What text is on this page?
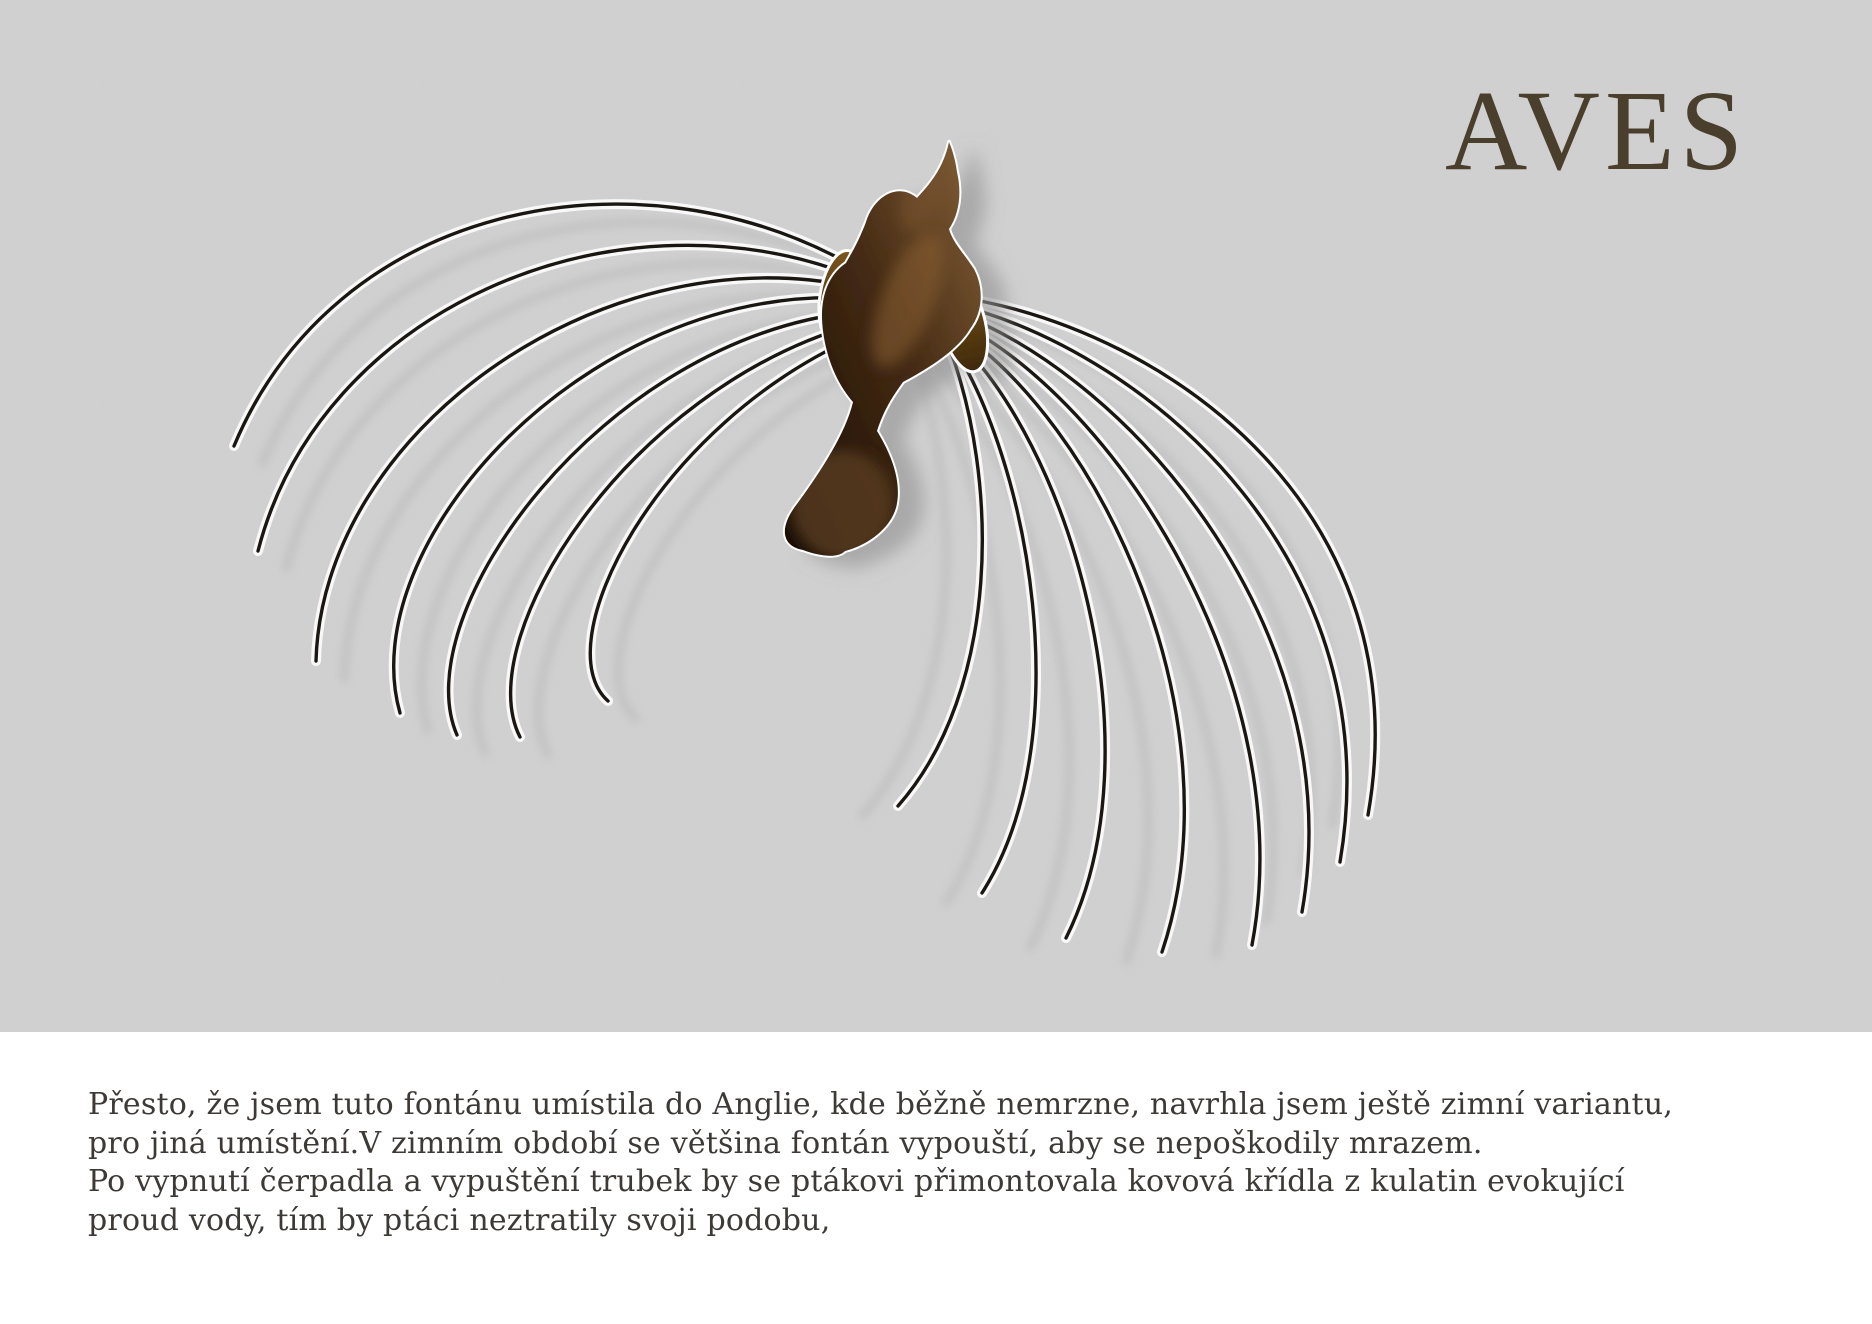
AVES
Přesto, že jsem tuto fontánu umístila do Anglie, kde běžně nemrzne, navrhla jsem ještě zimní variantu,
pro jiná umístění.V zimním období se většina fontán vypouští, aby se nepoškodily mrazem.
Po vypnutí čerpadla a vypuštění trubek by se ptákovi přimontovala kovová křídla z kulatin evokující
proud vody, tím by ptáci neztratily svoji podobu,
